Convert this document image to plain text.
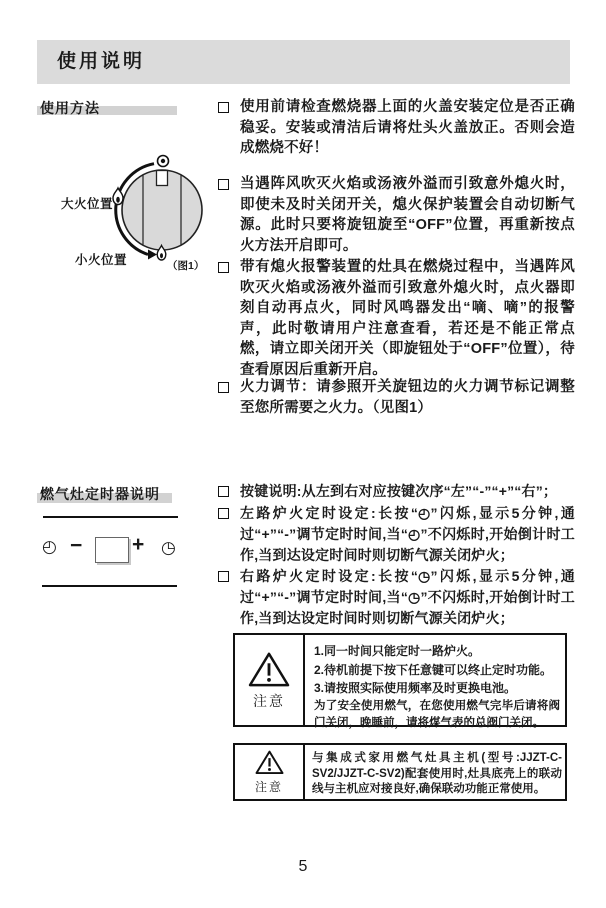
使用说明
使用方法
大火位置
小火位置	（图1）

使用前请检查燃烧器上面的火盖安装定位是否正确稳妥。安装或清洁后请将灶头火盖放正。否则会造成燃烧不好！

当遇阵风吹灭火焰或汤液外溢而引致意外熄火时，即使未及时关闭开关，熄火保护装置会自动切断气源。此时只要将旋钮旋至“OFF”位置，再重新按点火方法开启即可。

带有熄火报警装置的灶具在燃烧过程中，当遇阵风吹灭火焰或汤液外溢而引致意外熄火时，点火器即刻自动再点火，同时风鸣器发出“嘀、嘀”的报警声，此时敬请用户注意查看，若还是不能正常点燃，请立即关闭开关（即旋钮处于“OFF”位置），待查看原因后重新开启。

火力调节：请参照开关旋钮边的火力调节标记调整至您所需要之火力。（见图1）

燃气灶定时器说明
◴ − + ◷

按键说明:从左到右对应按键次序“左”“-”“+”“右”；

左路炉火定时设定:长按“◴”闪烁,显示5分钟,通过“+”“-”调节定时时间,当“◴”不闪烁时,开始倒计时工作,当到达设定时间时则切断气源关闭炉火；

右路炉火定时设定:长按“◷”闪烁,显示5分钟,通过“+”“-”调节定时时间,当“◷”不闪烁时,开始倒计时工作,当到达设定时间时则切断气源关闭炉火；

注意
1.同一时间只能定时一路炉火。
2.待机前提下按下任意键可以终止定时功能。
3.请按照实际使用频率及时更换电池。
为了安全使用燃气，在您使用燃气完毕后请将阀门关闭，晚睡前，请将煤气表的总阀门关闭。
注意
与集成式家用燃气灶具主机(型号:JJZT-C-SV2/JJZT-C-SV2)配套使用时,灶具底壳上的联动线与主机应对接良好,确保联动功能正常使用。
5
